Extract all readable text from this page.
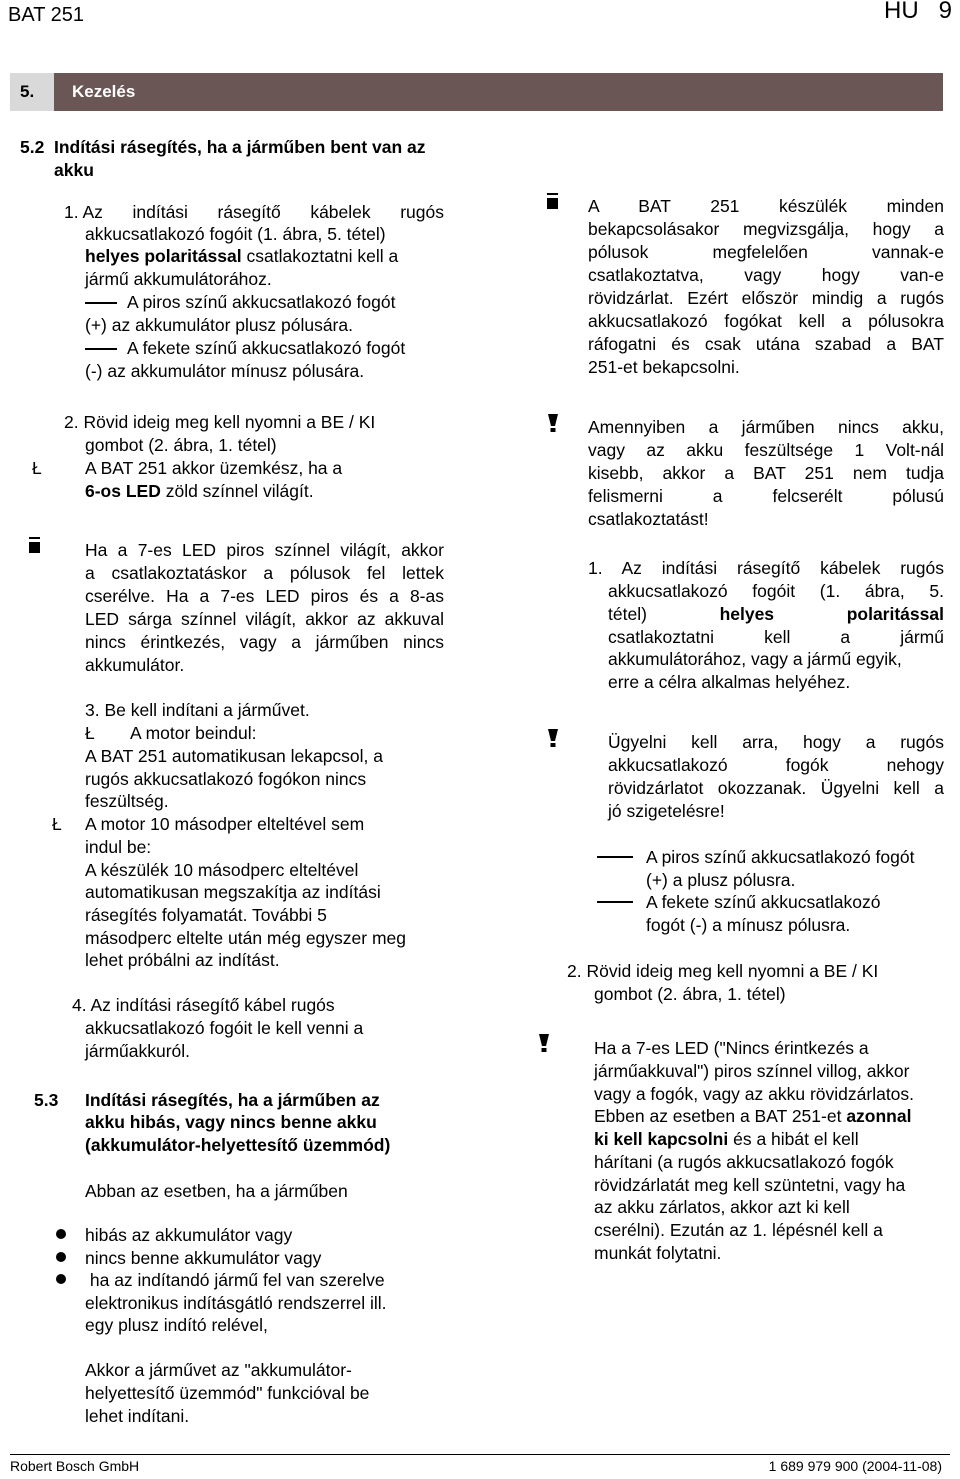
BAT 251	HU   9
5. Kezelés
5.2 Indítási rásegítés, ha a járműben bent van az
akku
1. Az indítási rásegítő kábelek rugós
akkucsatlakozó fogóit (1. ábra, 5. tétel)
helyes polaritással csatlakoztatni kell a
jármű akkumulátorához.
A piros színű akkucsatlakozó fogót
(+) az akkumulátor plusz pólusára.
A fekete színű akkucsatlakozó fogót
(-) az akkumulátor mínusz pólusára.
2. Rövid ideig meg kell nyomni a BE / KI
gombot (2. ábra, 1. tétel)
Ł A BAT 251 akkor üzemkész, ha a
6-os LED zöld színnel világít.
Ha a 7-es LED piros színnel világít, akkor
a csatlakoztatáskor a pólusok fel lettek
cserélve. Ha a 7-es LED piros és a 8-as
LED sárga színnel világít, akkor az akkuval
nincs érintkezés, vagy a járműben nincs
akkumulátor.
3. Be kell indítani a járművet.
Ł A motor beindul:
A BAT 251 automatikusan lekapcsol, a
rugós akkucsatlakozó fogókon nincs
feszültség.
Ł A motor 10 másodper elteltével sem
indul be:
A készülék 10 másodperc elteltével
automatikusan megszakítja az indítási
rásegítés folyamatát. További 5
másodperc eltelte után még egyszer meg
lehet próbálni az indítást.
4. Az indítási rásegítő kábel rugós
akkucsatlakozó fogóit le kell venni a
járműakkuról.
5.3 Indítási rásegítés, ha a járműben az
akku hibás, vagy nincs benne akku
(akkumulátor-helyettesítő üzemmód)
Abban az esetben, ha a járműben
hibás az akkumulátor vagy
nincs benne akkumulátor vagy
ha az indítandó jármű fel van szerelve
elektronikus indításgátló rendszerrel ill.
egy plusz indító relével,
Akkor a járművet az "akkumulátor-
helyettesítő üzemmód" funkcióval be
lehet indítani.
A BAT 251 készülék minden
bekapcsolásakor megvizsgálja, hogy a
pólusok megfelelően vannak-e
csatlakoztatva, vagy hogy van-e
rövidzárlat. Ezért először mindig a rugós
akkucsatlakozó fogókat kell a pólusokra
ráfogatni és csak utána szabad a BAT
251-et bekapcsolni.
Amennyiben a járműben nincs akku,
vagy az akku feszültsége 1 Volt-nál
kisebb, akkor a BAT 251 nem tudja
felismerni a felcserélt pólusú
csatlakoztatást!
1. Az indítási rásegítő kábelek rugós
akkucsatlakozó fogóit (1. ábra, 5.
tétel)	helyes	polaritással
csatlakoztatni kell a jármű
akkumulátorához, vagy a jármű egyik,
erre a célra alkalmas helyéhez.
Ügyelni kell arra, hogy a rugós
akkucsatlakozó fogók nehogy
rövidzárlatot okozzanak. Ügyelni kell a
jó szigetelésre!
A piros színű akkucsatlakozó fogót
(+) a plusz pólusra.
A fekete színű akkucsatlakozó
fogót (-) a mínusz pólusra.
2. Rövid ideig meg kell nyomni a BE / KI
gombot (2. ábra, 1. tétel)
Ha a 7-es LED ("Nincs érintkezés a
járműakkuval") piros színnel villog, akkor
vagy a fogók, vagy az akku rövidzárlatos.
Ebben az esetben a BAT 251-et azonnal
ki kell kapcsolni és a hibát el kell
hárítani (a rugós akkucsatlakozó fogók
rövidzárlatát meg kell szüntetni, vagy ha
az akku zárlatos, akkor azt ki kell
cserélni). Ezután az 1. lépésnél kell a
munkát folytatni.
Robert Bosch GmbH	1 689 979 900 (2004-11-08)
